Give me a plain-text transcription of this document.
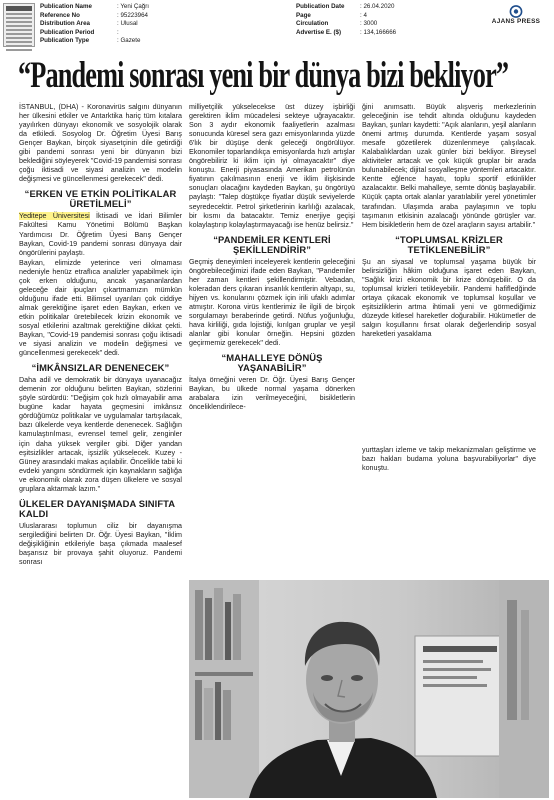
Publication Name	: Yeni Çağrı
Reference No	: 95223964
Distribution Area	: Ulusal
Publication Period	:
Publication Type	: Gazete
Publication Date	: 26.04.2020
Page	: 4
Circulation	: 3000
Advertise E. ($)	: 134,166666
AJANS PRESS
“Pandemi sonrası yeni bir dünya bizi bekliyor”

İSTANBUL, (DHA) - Koronavirüs salgını dünyanın her ülkesini etkiler ve Antarktika hariç tüm kıtalara yayılırken dünyayı ekonomik ve sosyolojik olarak da etkiledi. Sosyolog Dr. Öğretim Üyesi Barış Gençer Baykan, birçok siyasetçinin dile getirdiği gibi pandemi sonrası yeni bir dünyanın bizi beklediğini söyleyerek "Covid-19 pandemisi sonrası çoğu iktisadi ve siyasi analizin ve modelin değişmesi ve güncellenmesi gerekecek" dedi.

“ERKEN VE ETKİN POLİTİKALAR ÜRETİLMELİ”

Yeditepe Üniversitesi İktisadi ve İdari Bilimler Fakültesi Kamu Yönetimi Bölümü Başkan Yardımcısı Dr. Öğretim Üyesi Barış Gençer Baykan, Covid-19 pandemi sonrası dünyaya dair öngörülerini paylaştı.

Baykan, elimizde yeterince veri olmaması nedeniyle henüz etraflıca analizler yapabilmek için çok erken olduğunu, ancak yaşananlardan geleceğe dair ipuçları çıkartmamızın mümkün olduğunu ifade etti. Bilimsel uyarıları çok ciddiye almak gerektiğine işaret eden Baykan, erken ve etkin politikalar üretebilecek krizin ekonomik ve sosyal etkilerini azaltmak gerektiğine dikkat çekti. Baykan, "Covid-19 pandemisi sonrası çoğu iktisadi ve siyasi analizin ve modelin değişmesi ve güncellenmesi gerekecek" dedi.

“İMKÂNSIZLAR DENENECEK”

Daha adil ve demokratik bir dünyaya uyanacağız demenin zor olduğunu belirten Baykan, sözlerini şöyle sürdürdü: "Değişim çok hızlı olmayabilir ama bugüne kadar hayata geçmesini imkânsız gördüğümüz politikalar ve uygulamalar tartışılacak, bazı ülkelerde veya kentlerde denenecek. Sağlığın kamulaştırılması, evrensel temel gelir, zenginler için daha yüksek vergiler gibi. Diğer yandan eşitsizlikler artacak, işsizlik yükselecek. Kuzey - Güney arasındaki makas açılabilir. Öncelikle tabii ki evdeki yangını söndürmek için kaynakların sağlığa ve ekonomik olarak zora düşen ülkelere ve sosyal gruplara aktarmak lazım."

ÜLKELER DAYANIŞMADA SINIFTA KALDI

Uluslararası toplumun ciliz bir dayanışma sergilediğini belirten Dr. Öğr. Üyesi Baykan, "İklim değişikliğinin etkileriyle başa çıkmada maalesef başarısız bir provaya şahit oluyoruz. Pandemi sonrası

milliyetçilik yükselecekse üst düzey işbirliği gerektiren iklim mücadelesi sekteye uğrayacaktır. Son 3 aydır ekonomik faaliyetlerin azalması sonucunda küresel sera gazı emisyonlarında yüzde 6'lık bir düşüşe denk geleceği öngörülüyor. Ekonomiler toparlandıkça emisyonlarda hızlı artışlar öngörebiliriz ki iklim için iyi olmayacaktır" diye konuştu. Enerji piyasasında Amerikan petrolünün fiyatının çakılmasının enerji ve iklim ilişkisinde sonuçları olacağını kaydeden Baykan, şu öngörüyü paylaştı: "Talep düştükçe fiyatlar düşük seviyelerde seyredecektir. Petrol şirketlerinin karlılığı azalacak, bir kısmı da batacaktır. Temiz enerjiye geçişi kolaylaştırıp kolaylaştırmayacağı ise henüz belirsiz."

“PANDEMİLER KENTLERİ ŞEKİLLENDİRİR”

Geçmiş deneyimleri inceleyerek kentlerin geleceğini öngörebileceğimizi ifade eden Baykan, "Pandemiler her zaman kentleri şekillendirmiştir. Vebadan, koleradan ders çıkaran insanlık kentlerin altyapı, su, hijyen vs. konularını çözmek için irili ufaklı adımlar atmıştır. Korona virüs kentlerimiz ile ilgili de birçok sorgulamayı beraberinde getirdi. Nüfus yoğunluğu, hava kirliliği, gıda lojistiği, kırılgan gruplar ve yeşil alanlar gibi konular örneğin. Hepsini gözden geçirmemiz gerekecek" dedi.

“MAHALLEYE DÖNÜŞ YAŞANABİLİR”

İtalya örneğini veren Dr. Öğr. Üyesi Barış Gençer Baykan, bu ülkede normal yaşama dönerken arabalara izin verilmeyeceğini, bisikletlerin önceliklendirilece-

ğini anımsattı. Büyük alışveriş merkezlerinin geleceğinin ise tehdit altında olduğunu kaydeden Baykan, şunları kaydetti: "Açık alanların, yeşil alanların önemi artmış durumda. Kentlerde yaşam sosyal mesafe gözetilerek düzenlenmeye çalışılacak. Kalabalıklardan uzak günler bizi bekliyor. Bireysel aktiviteler artacak ve çok küçük gruplar bir arada bulunabilecek; dijital sosyalleşme yöntemleri artacaktır. Kentte eğlence hayatı, toplu sportif etkinlikler azalacaktır. Belki mahalleye, semte dönüş başlayabilir. Küçük çapta ortak alanlar yaratılabilir yerel yönetimler tarafından. Ulaşımda araba paylaşımın ve toplu taşımanın etkisinin azalacağı yönünde görüşler var. Hem bisikletlerin hem de özel araçların sayısı artabilir."

“TOPLUMSAL KRİZLER TETİKLENEBİLİR”

Şu an siyasal ve toplumsal yaşama büyük bir belirsizliğin hâkim olduğuna işaret eden Baykan, "Sağlık krizi ekonomik bir krize dönüşebilir. O da toplumsal krizleri tetikleyebilir. Pandemi hafifledğinde ortaya çıkacak ekonomik ve toplumsal koşullar ve eşitsizliklerin artma ihtimali yeni ve görmediğimiz düzeyde kitlesel hareketler doğurabilir. Hükümetler de salgın koşullarını fırsat olarak değerlendirip sosyal hareketleri yasaklama

yurttaşları izleme ve takip mekanizmaları geliştirme ve bazı hakları budama yoluna başvurabiliyorlar" diye konuştu.
